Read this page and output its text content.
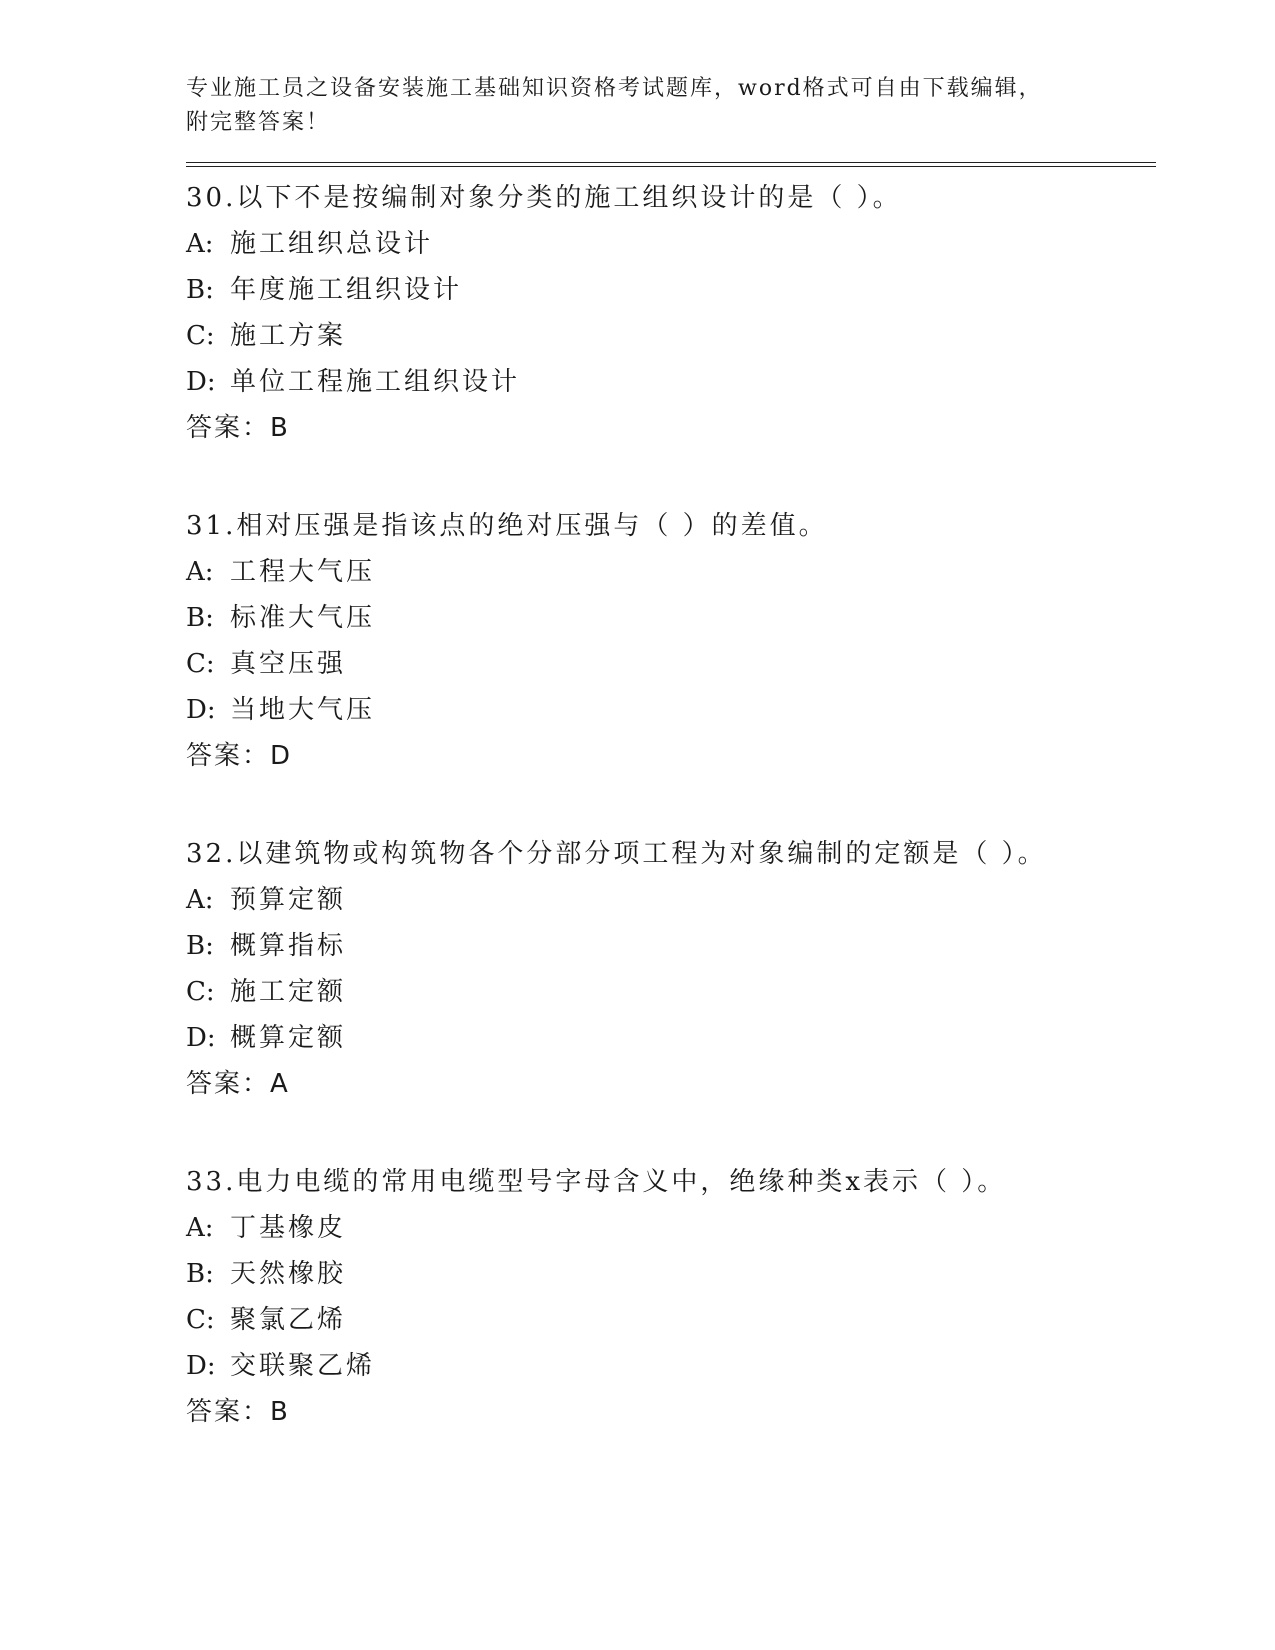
专业施工员之设备安装施工基础知识资格考试题库，word格式可自由下载编辑，
附完整答案！
30.以下不是按编制对象分类的施工组织设计的是（ ）。
A: 施工组织总设计
B: 年度施工组织设计
C: 施工方案
D: 单位工程施工组织设计
答案：B
31.相对压强是指该点的绝对压强与（ ）的差值。
A: 工程大气压
B: 标准大气压
C: 真空压强
D: 当地大气压
答案：D
32.以建筑物或构筑物各个分部分项工程为对象编制的定额是（ ）。
A: 预算定额
B: 概算指标
C: 施工定额
D: 概算定额
答案：A
33.电力电缆的常用电缆型号字母含义中，绝缘种类x表示（ ）。
A: 丁基橡皮
B: 天然橡胶
C: 聚氯乙烯
D: 交联聚乙烯
答案：B
